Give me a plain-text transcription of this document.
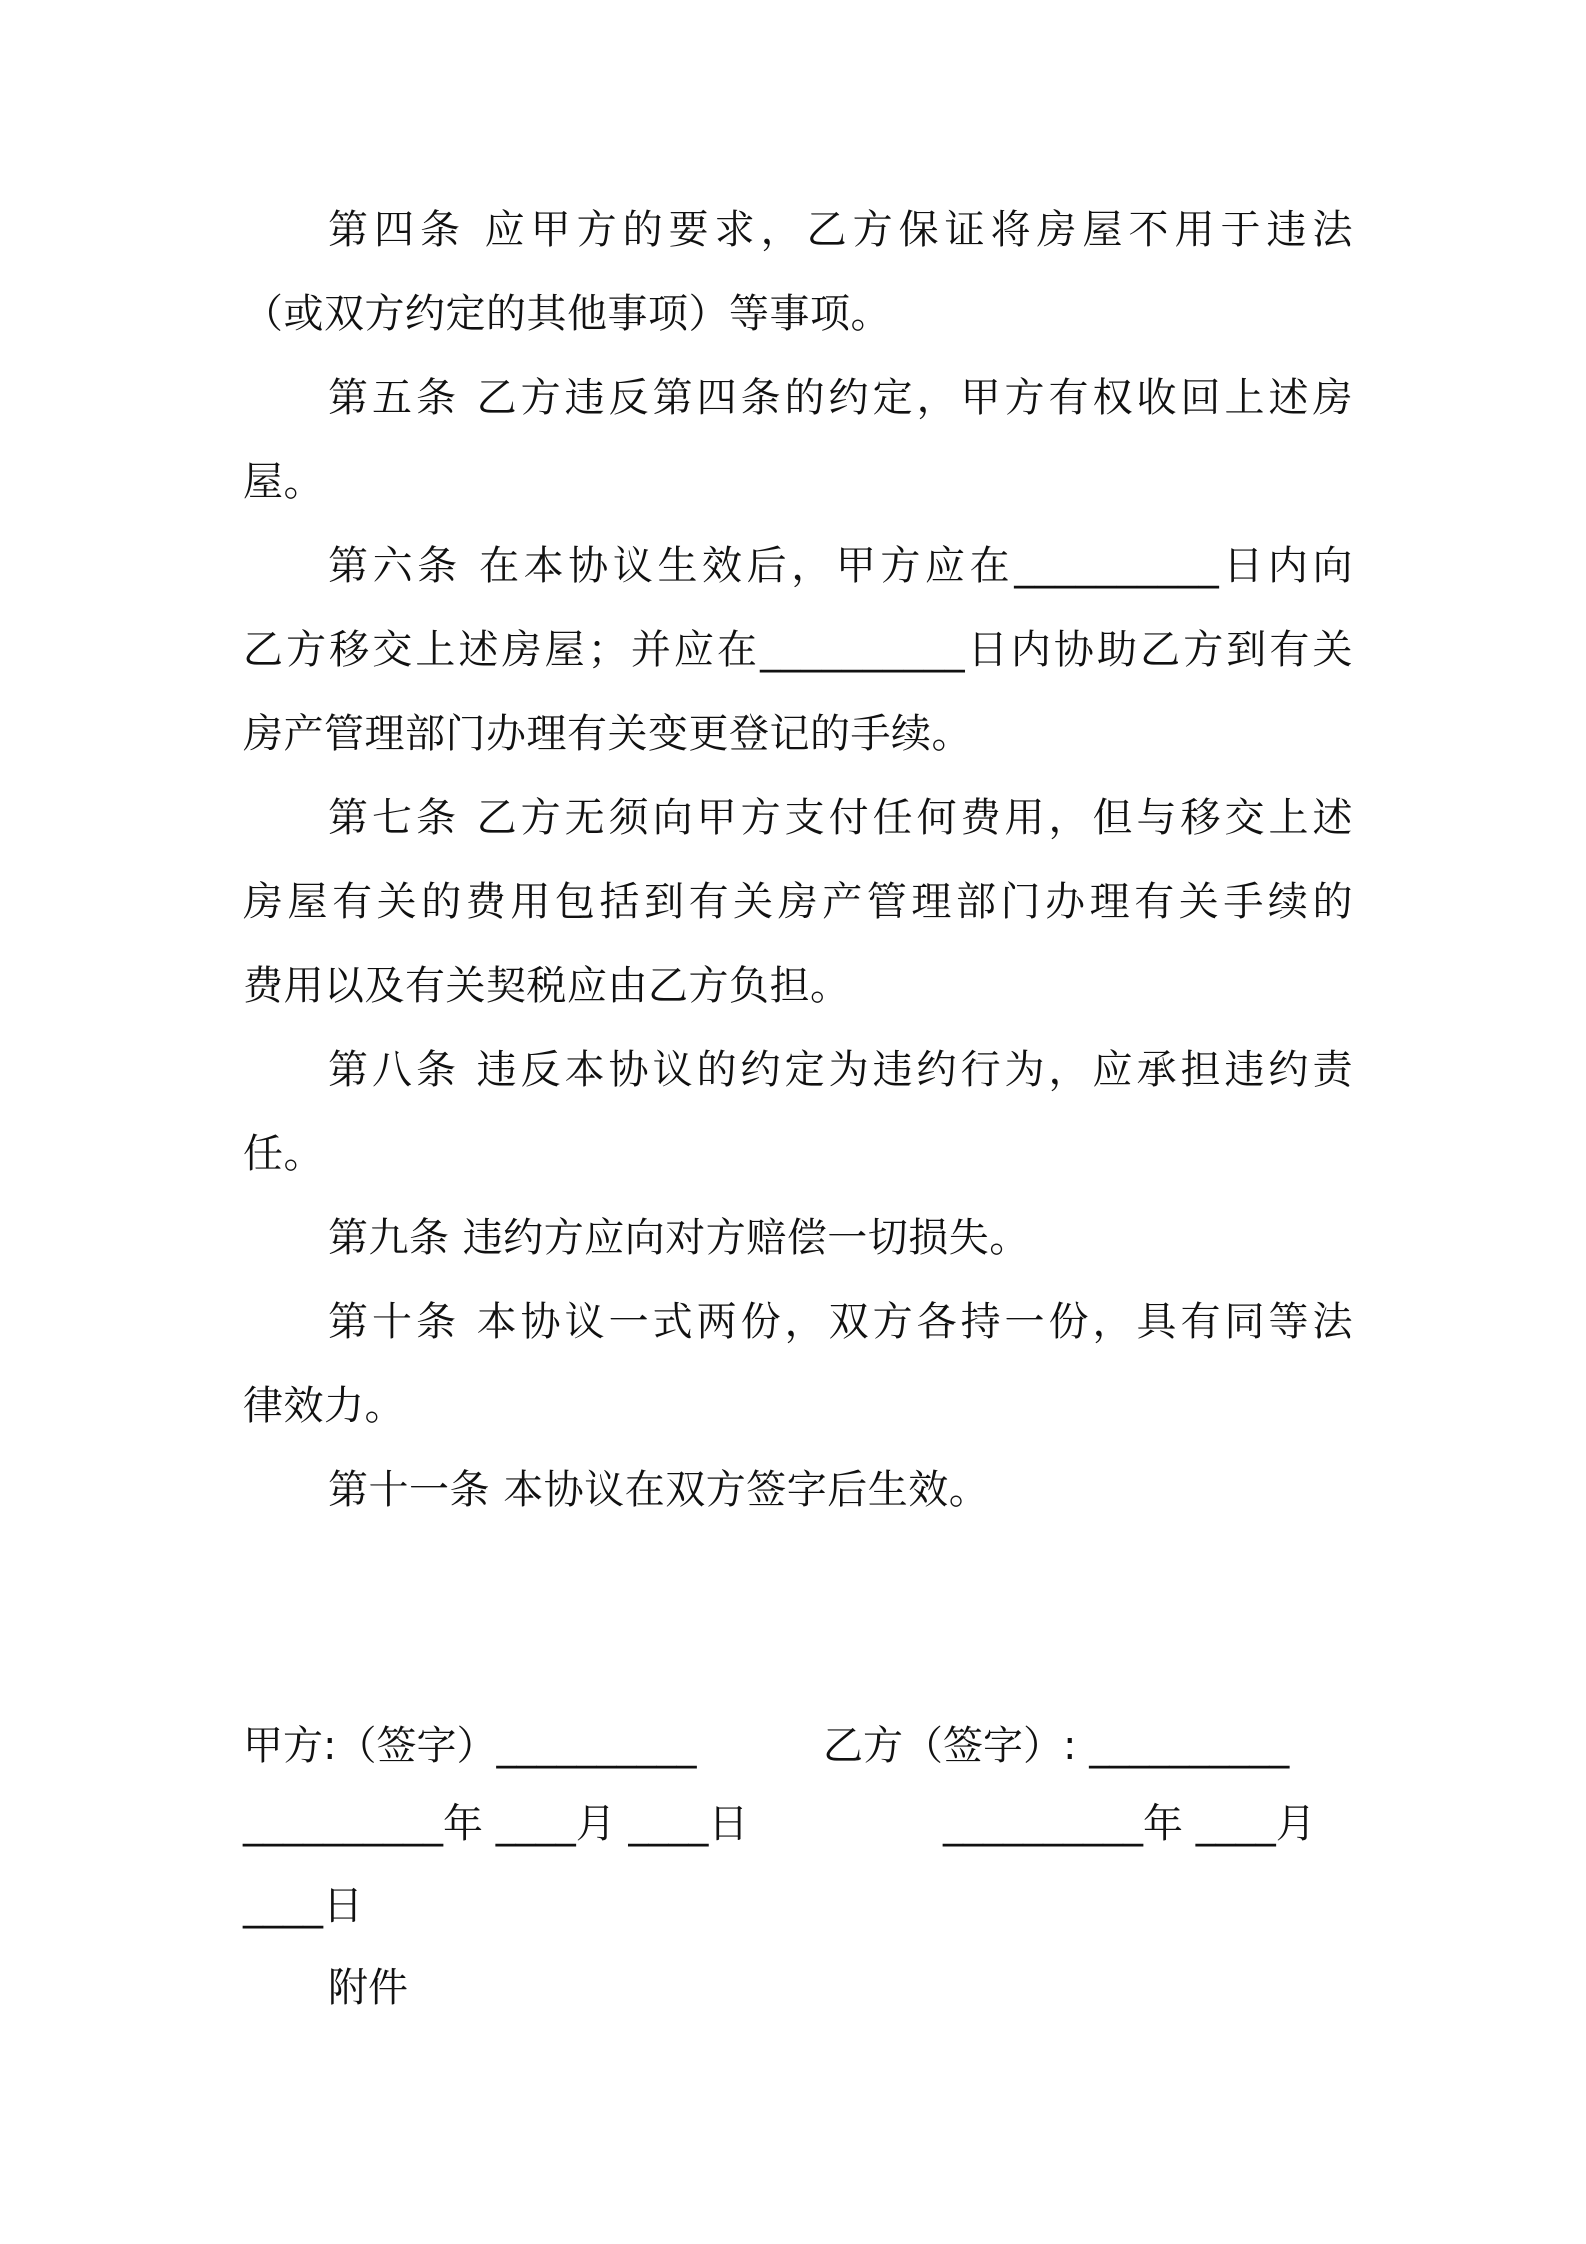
第四条 应甲方的要求，乙方保证将房屋不用于违法
（或双方约定的其他事项）等事项。
第五条 乙方违反第四条的约定，甲方有权收回上述房
屋。
第六条 在本协议生效后，甲方应在__________日内向
乙方移交上述房屋；并应在__________日内协助乙方到有关
房产管理部门办理有关变更登记的手续。
第七条 乙方无须向甲方支付任何费用，但与移交上述
房屋有关的费用包括到有关房产管理部门办理有关手续的
费用以及有关契税应由乙方负担。
第八条 违反本协议的约定为违约行为，应承担违约责
任。
第九条 违约方应向对方赔偿一切损失。
第十条 本协议一式两份，双方各持一份，具有同等法
律效力。
第十一条 本协议在双方签字后生效。
甲方:（签字）__________	乙方（签字）: __________
__________年 ____月 ____日	__________年 ____月
____日
附件
